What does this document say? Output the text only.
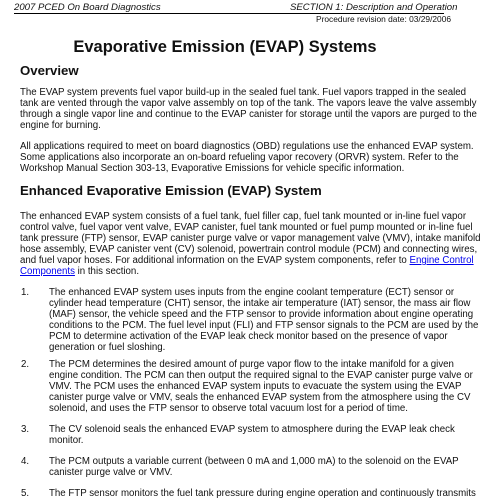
2007 PCED On Board Diagnostics	SECTION 1: Description and Operation
Procedure revision date: 03/29/2006
Evaporative Emission (EVAP) Systems
Overview
The EVAP system prevents fuel vapor build-up in the sealed fuel tank. Fuel vapors trapped in the sealed
tank are vented through the vapor valve assembly on top of the tank. The vapors leave the valve assembly
through a single vapor line and continue to the EVAP canister for storage until the vapors are purged to the
engine for burning.
All applications required to meet on board diagnostics (OBD) regulations use the enhanced EVAP system.
Some applications also incorporate an on-board refueling vapor recovery (ORVR) system. Refer to the
Workshop Manual Section 303-13, Evaporative Emissions for vehicle specific information.
Enhanced Evaporative Emission (EVAP) System
The enhanced EVAP system consists of a fuel tank, fuel filler cap, fuel tank mounted or in-line fuel vapor
control valve, fuel vapor vent valve, EVAP canister, fuel tank mounted or fuel pump mounted or in-line fuel
tank pressure (FTP) sensor, EVAP canister purge valve or vapor management valve (VMV), intake manifold
hose assembly, EVAP canister vent (CV) solenoid, powertrain control module (PCM) and connecting wires,
and fuel vapor hoses. For additional information on the EVAP system components, refer to Engine Control
Components in this section.
1. The enhanced EVAP system uses inputs from the engine coolant temperature (ECT) sensor or
cylinder head temperature (CHT) sensor, the intake air temperature (IAT) sensor, the mass air flow
(MAF) sensor, the vehicle speed and the FTP sensor to provide information about engine operating
conditions to the PCM. The fuel level input (FLI) and FTP sensor signals to the PCM are used by the
PCM to determine activation of the EVAP leak check monitor based on the presence of vapor
generation or fuel sloshing.
2. The PCM determines the desired amount of purge vapor flow to the intake manifold for a given
engine condition. The PCM can then output the required signal to the EVAP canister purge valve or
VMV. The PCM uses the enhanced EVAP system inputs to evacuate the system using the EVAP
canister purge valve or VMV, seals the enhanced EVAP system from the atmosphere using the CV
solenoid, and uses the FTP sensor to observe total vacuum lost for a period of time.
3. The CV solenoid seals the enhanced EVAP system to atmosphere during the EVAP leak check
monitor.
4. The PCM outputs a variable current (between 0 mA and 1,000 mA) to the solenoid on the EVAP
canister purge valve or VMV.
5. The FTP sensor monitors the fuel tank pressure during engine operation and continuously transmits
